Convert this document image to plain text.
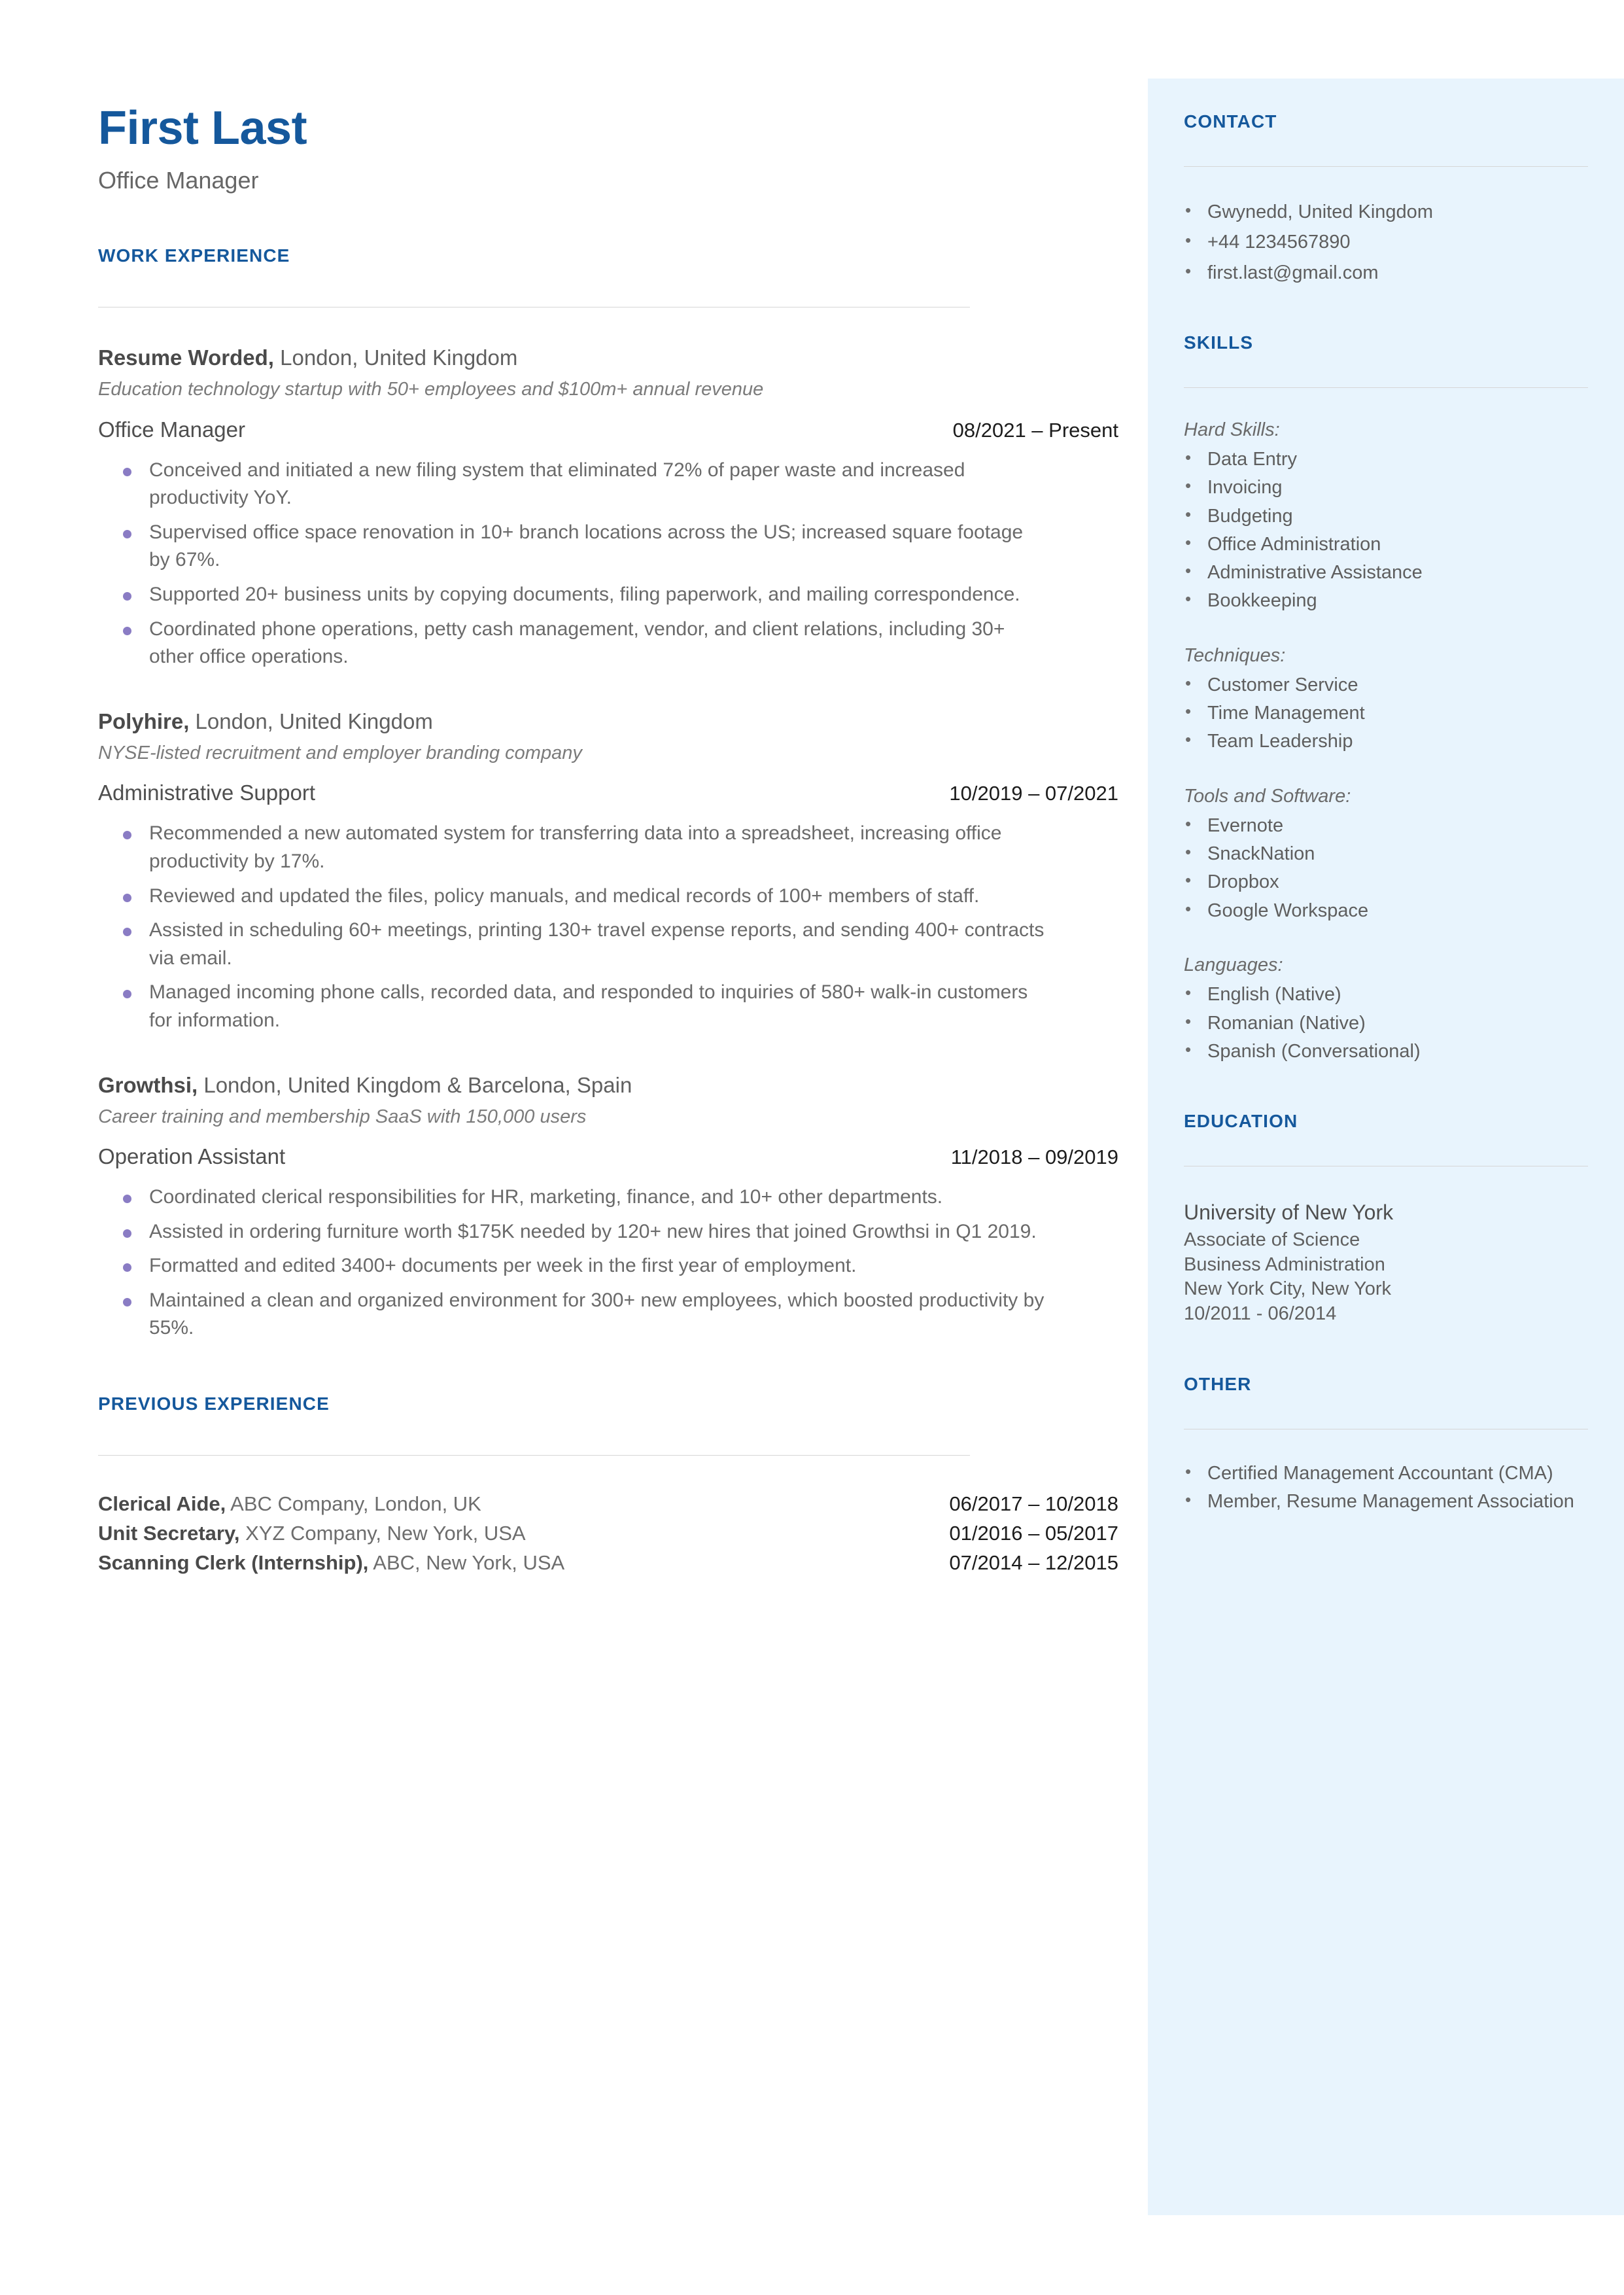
First Last
Office Manager
WORK EXPERIENCE
Resume Worded, London, United Kingdom
Education technology startup with 50+ employees and $100m+ annual revenue
Office Manager	08/2021 – Present
Conceived and initiated a new filing system that eliminated 72% of paper waste and increased productivity YoY.
Supervised office space renovation in 10+ branch locations across the US; increased square footage by 67%.
Supported 20+ business units by copying documents, filing paperwork, and mailing correspondence.
Coordinated phone operations, petty cash management, vendor, and client relations, including 30+ other office operations.
Polyhire, London, United Kingdom
NYSE-listed recruitment and employer branding company
Administrative Support	10/2019 – 07/2021
Recommended a new automated system for transferring data into a spreadsheet, increasing office productivity by 17%.
Reviewed and updated the files, policy manuals, and medical records of 100+ members of staff.
Assisted in scheduling 60+ meetings, printing 130+ travel expense reports, and sending 400+ contracts via email.
Managed incoming phone calls, recorded data, and responded to inquiries of 580+ walk-in customers for information.
Growthsi, London, United Kingdom & Barcelona, Spain
Career training and membership SaaS with 150,000 users
Operation Assistant	11/2018 – 09/2019
Coordinated clerical responsibilities for HR, marketing, finance, and 10+ other departments.
Assisted in ordering furniture worth $175K needed by 120+ new hires that joined Growthsi in Q1 2019.
Formatted and edited 3400+ documents per week in the first year of employment.
Maintained a clean and organized environment for 300+ new employees, which boosted productivity by 55%.
PREVIOUS EXPERIENCE
Clerical Aide, ABC Company, London, UK	06/2017 – 10/2018
Unit Secretary, XYZ Company, New York, USA	01/2016 – 05/2017
Scanning Clerk (Internship), ABC, New York, USA	07/2014 – 12/2015
CONTACT
• Gwynedd, United Kingdom
• +44 1234567890
• first.last@gmail.com
SKILLS
Hard Skills:
• Data Entry
• Invoicing
• Budgeting
• Office Administration
• Administrative Assistance
• Bookkeeping
Techniques:
• Customer Service
• Time Management
• Team Leadership
Tools and Software:
• Evernote
• SnackNation
• Dropbox
• Google Workspace
Languages:
• English (Native)
• Romanian (Native)
• Spanish (Conversational)
EDUCATION
University of New York
Associate of Science
Business Administration
New York City, New York
10/2011 - 06/2014
OTHER
• Certified Management Accountant (CMA)
• Member, Resume Management Association
